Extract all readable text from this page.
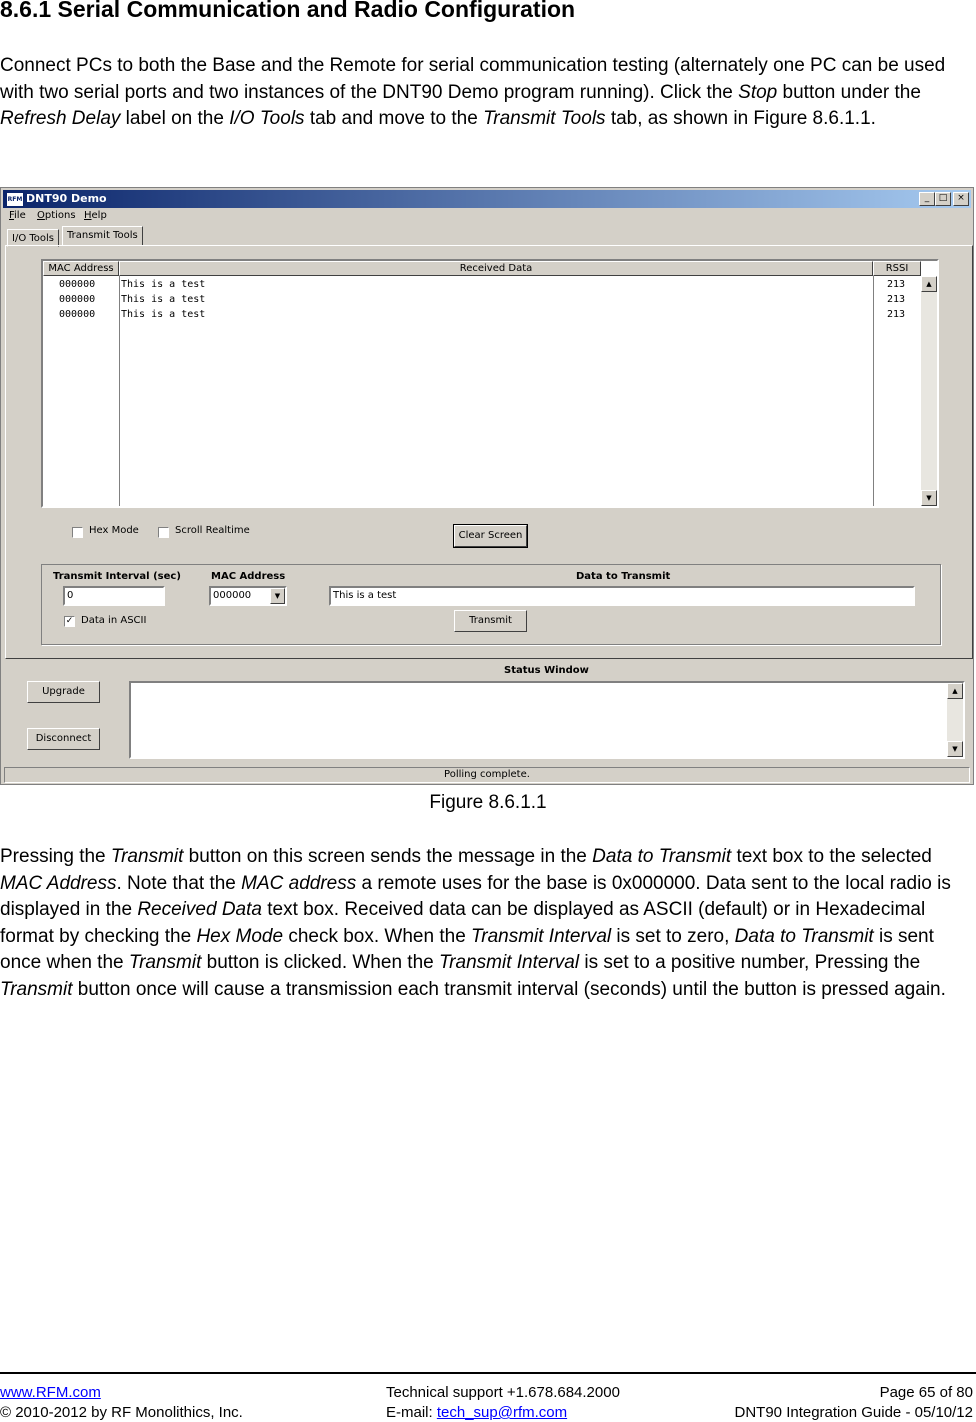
8.6.1 Serial Communication and Radio Configuration

Connect PCs to both the Base and the Remote for serial communication testing (alternately one PC can be used with two serial ports and two instances of the DNT90 Demo program running). Click the Stop button under the Refresh Delay label on the I/O Tools tab and move to the Transmit Tools tab, as shown in Figure 8.6.1.1.

RFM DNT90 Demo	_	□	×
File Options Help
I/O Tools	Transmit Tools
MAC Address	Received Data	RSSI
000000	This is a test	213
000000	This is a test	213
000000	This is a test	213
▲
▼
Hex Mode	Scroll Realtime	Clear Screen
Transmit Interval (sec)	MAC Address	Data to Transmit
0	000000	▼	This is a test
✓ Data in ASCII	Transmit
Status Window
Upgrade
Disconnect
▲
▼
Polling complete.
Figure 8.6.1.1

Pressing the Transmit button on this screen sends the message in the Data to Transmit text box to the selected MAC Address. Note that the MAC address a remote uses for the base is 0x000000. Data sent to the local radio is displayed in the Received Data text box. Received data can be displayed as ASCII (default) or in Hexadecimal format by checking the Hex Mode check box. When the Transmit Interval is set to zero, Data to Transmit is sent once when the Transmit button is clicked. When the Transmit Interval is set to a positive number, Pressing the Transmit button once will cause a transmission each transmit interval (seconds) until the button is pressed again.

www.RFM.com
© 2010-2012 by RF Monolithics, Inc.
Technical support +1.678.684.2000
E-mail: tech_sup@rfm.com
Page 65 of 80
DNT90 Integration Guide - 05/10/12
